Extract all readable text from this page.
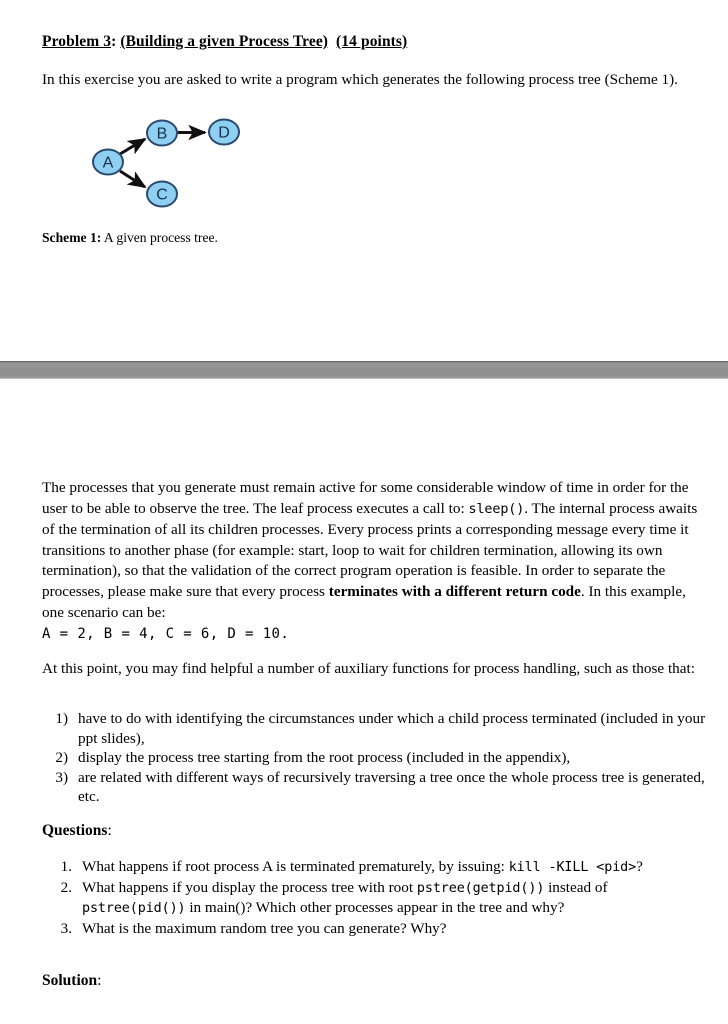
Problem 3: (Building a given Process Tree) (14 points)
In this exercise you are asked to write a program which generates the following process tree (Scheme 1).
A
B
C
D
Scheme 1: A given process tree.
The processes that you generate must remain active for some considerable window of time in order for the user to be able to observe the tree. The leaf process executes a call to: sleep(). The internal process awaits of the termination of all its children processes. Every process prints a corresponding message every time it transitions to another phase (for example: start, loop to wait for children termination, allowing its own termination), so that the validation of the correct program operation is feasible. In order to separate the processes, please make sure that every process terminates with a different return code. In this example, one scenario can be:
A = 2, B = 4, C = 6, D = 10.
At this point, you may find helpful a number of auxiliary functions for process handling, such as those that:
1) have to do with identifying the circumstances under which a child process terminated (included in your ppt slides),
2) display the process tree starting from the root process (included in the appendix),
3) are related with different ways of recursively traversing a tree once the whole process tree is generated, etc.
Questions:
1. What happens if root process A is terminated prematurely, by issuing: kill -KILL <pid>?
2. What happens if you display the process tree with root pstree(getpid()) instead of pstree(pid()) in main()? Which other processes appear in the tree and why?
3. What is the maximum random tree you can generate? Why?
Solution:
